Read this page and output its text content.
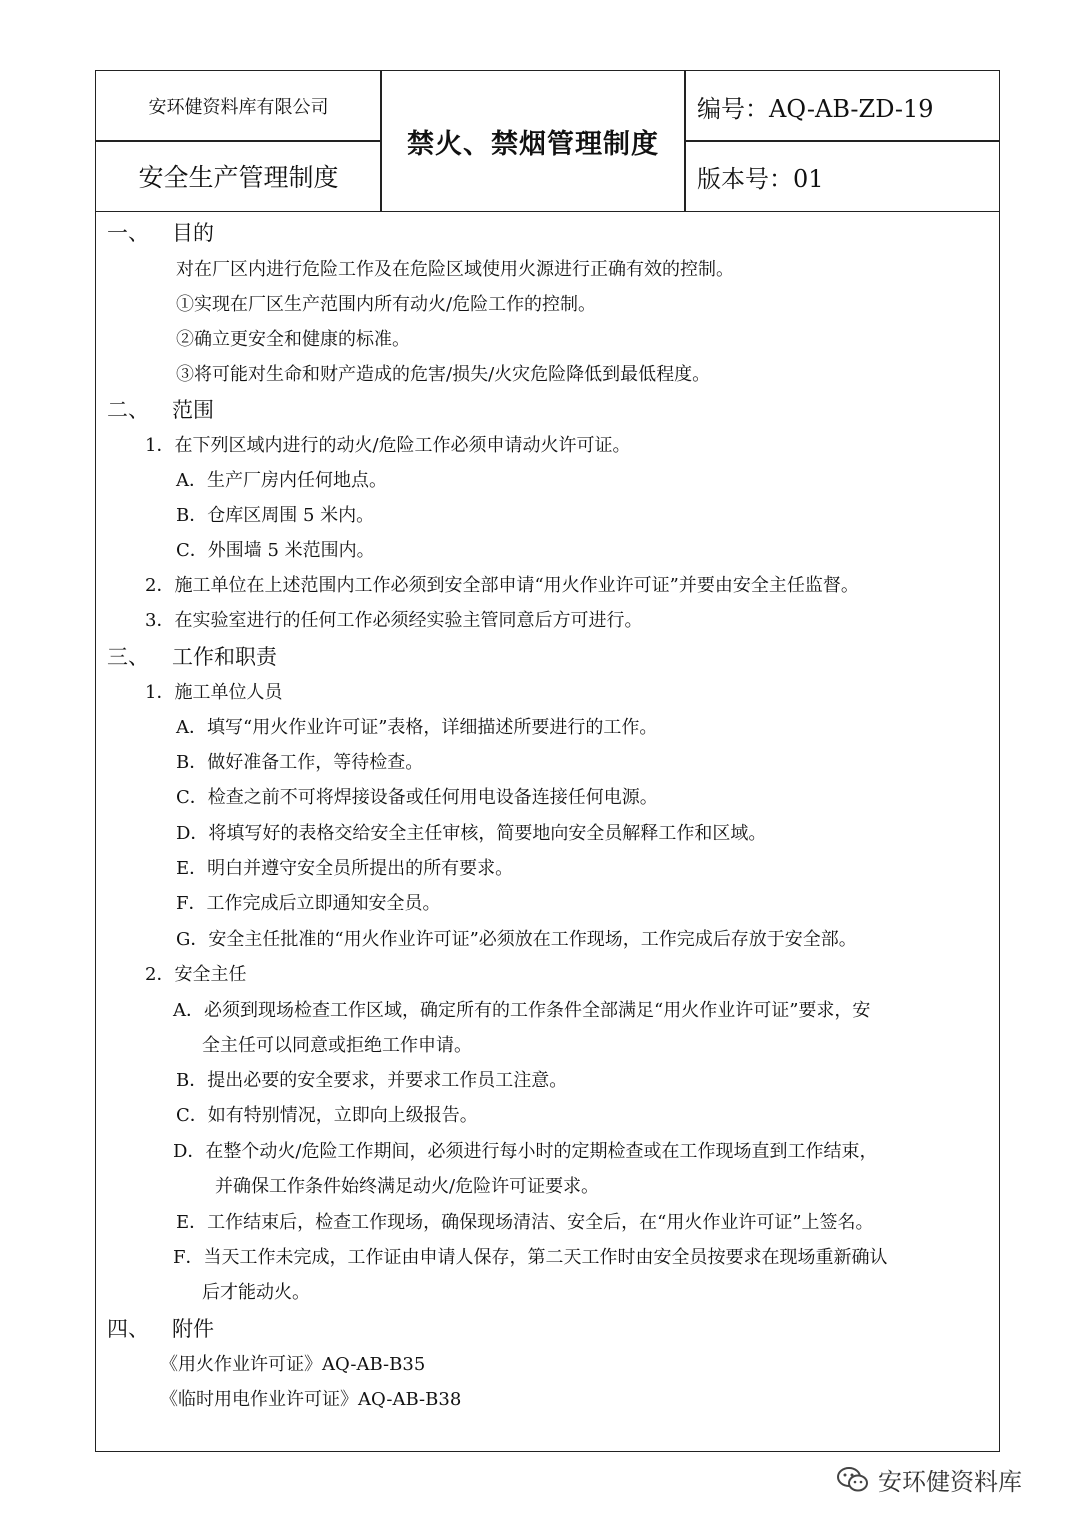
安环健资料库有限公司
安全生产管理制度
禁火、禁烟管理制度
编号：AQ-AB-ZD-19
版本号：01
一、 目的
对在厂区内进行危险工作及在危险区域使用火源进行正确有效的控制。
①实现在厂区生产范围内所有动火/危险工作的控制。
②确立更安全和健康的标准。
③将可能对生命和财产造成的危害/损失/火灾危险降低到最低程度。
二、 范围
1．在下列区域内进行的动火/危险工作必须申请动火许可证。
A．生产厂房内任何地点。
B．仓库区周围 5 米内。
C．外围墙 5 米范围内。
2．施工单位在上述范围内工作必须到安全部申请“用火作业许可证”并要由安全主任监督。
3．在实验室进行的任何工作必须经实验主管同意后方可进行。
三、 工作和职责
1．施工单位人员
A．填写“用火作业许可证”表格，详细描述所要进行的工作。
B．做好准备工作，等待检查。
C．检查之前不可将焊接设备或任何用电设备连接任何电源。
D．将填写好的表格交给安全主任审核，简要地向安全员解释工作和区域。
E．明白并遵守安全员所提出的所有要求。
F．工作完成后立即通知安全员。
G．安全主任批准的“用火作业许可证”必须放在工作现场，工作完成后存放于安全部。
2．安全主任
A．必须到现场检查工作区域，确定所有的工作条件全部满足“用火作业许可证”要求，安
全主任可以同意或拒绝工作申请。
B．提出必要的安全要求，并要求工作员工注意。
C．如有特别情况，立即向上级报告。
D．在整个动火/危险工作期间，必须进行每小时的定期检查或在工作现场直到工作结束，
并确保工作条件始终满足动火/危险许可证要求。
E．工作结束后，检查工作现场，确保现场清洁、安全后，在“用火作业许可证”上签名。
F．当天工作未完成，工作证由申请人保存，第二天工作时由安全员按要求在现场重新确认
后才能动火。
四、 附件
《用火作业许可证》AQ-AB-B35
《临时用电作业许可证》AQ-AB-B38
安环健资料库
